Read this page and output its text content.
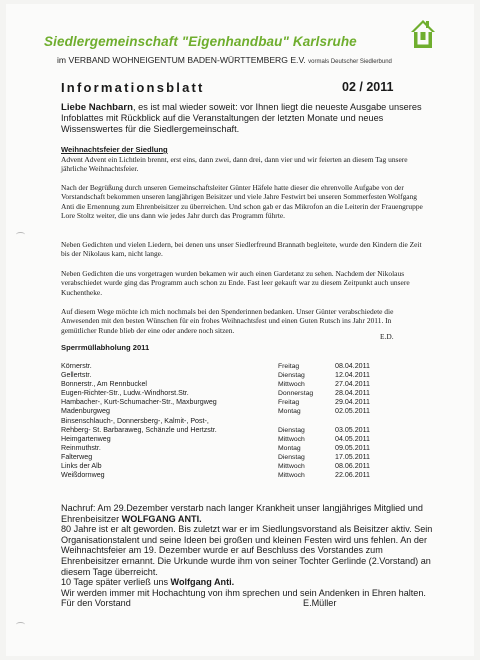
Siedlergemeinschaft "Eigenhandbau" Karlsruhe
im VERBAND WOHNEIGENTUM BADEN-WÜRTTEMBERG E.V. vormals Deutscher Siedlerbund
Informationsblatt	02 / 2011
Liebe Nachbarn, es ist mal wieder soweit: vor Ihnen liegt die neueste Ausgabe unseres Infoblattes mit Rückblick auf die Veranstaltungen der letzten Monate und neues Wissenswertes für die Siedlergemeinschaft.
Weihnachtsfeier der Siedlung
Advent Advent ein Lichtlein brennt, erst eins, dann zwei, dann drei, dann vier und wir feierten an diesem Tag unsere jährliche Weihnachtsfeier.
Nach der Begrüßung durch unseren Gemeinschaftsleiter Günter Häfele hatte dieser die ehrenvolle Aufgabe von der Vorstandschaft bekommen unseren langjährigen Beisitzer und viele Jahre Festwirt bei unseren Sommerfesten Wolfgang Anti die Ernennung zum Ehrenbeisitzer zu überreichen. Und schon gab er das Mikrofon an die Leiterin der Frauengruppe Lore Stoltz weiter, die uns dann wie jedes Jahr durch das Programm führte.
Neben Gedichten und vielen Liedern, bei denen uns unser Siedlerfreund Brannath begleitete, wurde den Kindern die Zeit bis der Nikolaus kam, nicht lange.
Neben Gedichten die uns vorgetragen wurden bekamen wir auch einen Gardetanz zu sehen. Nachdem der Nikolaus verabschiedet wurde ging das Programm auch schon zu Ende. Fast leer gekauft war zu diesem Zeitpunkt auch unsere Kuchentheke.
Auf diesem Wege möchte ich mich nochmals bei den Spenderinnen bedanken. Unser Günter verabschiedete die Anwesenden mit den besten Wünschen für ein frohes Weihnachtsfest und einen Guten Rutsch ins Jahr 2011. In gemütlicher Runde blieb der eine oder andere noch sitzen.
E.D.
Sperrmüllabholung 2011
Körnerstr.	Freitag	08.04.2011
Gellertstr.	Dienstag	12.04.2011
Bonnerstr., Am Rennbuckel	Mittwoch	27.04.2011
Eugen-Richter-Str., Ludw.-Windhorst.Str.	Donnerstag	28.04.2011
Hambacher-, Kurt-Schumacher-Str., Maxburgweg	Freitag	29.04.2011
Madenburgweg	Montag	02.05.2011
Binsenschlauch-, Donnersberg-, Kalmit-, Post-,
Rehberg- St. Barbaraweg, Schänzle und Hertzstr.	Dienstag	03.05.2011
Heimgartenweg	Mittwoch	04.05.2011
Reinmuthstr.	Montag	09.05.2011
Falterweg	Dienstag	17.05.2011
Links der Alb	Mittwoch	08.06.2011
Weißdornweg	Mittwoch	22.06.2011

Nachruf: Am 29.Dezember verstarb nach langer Krankheit unser langjähriges Mitglied und Ehrenbeisitzer WOLFGANG ANTI.

80 Jahre ist er alt geworden. Bis zuletzt war er im Siedlungsvorstand als Beisitzer aktiv. Sein Organisationstalent und seine Ideen bei großen und kleinen Festen wird uns fehlen. An der Weihnachtsfeier am 19. Dezember wurde er auf Beschluss des Vorstandes zum Ehrenbeisitzer ernannt. Die Urkunde wurde ihm von seiner Tochter Gerlinde (2.Vorstand) an diesem Tage überreicht.

10 Tage später verließ uns Wolfgang Anti.

Wir werden immer mit Hochachtung von ihm sprechen und sein Andenken in Ehren halten.

Für den Vorstand	E.Müller
